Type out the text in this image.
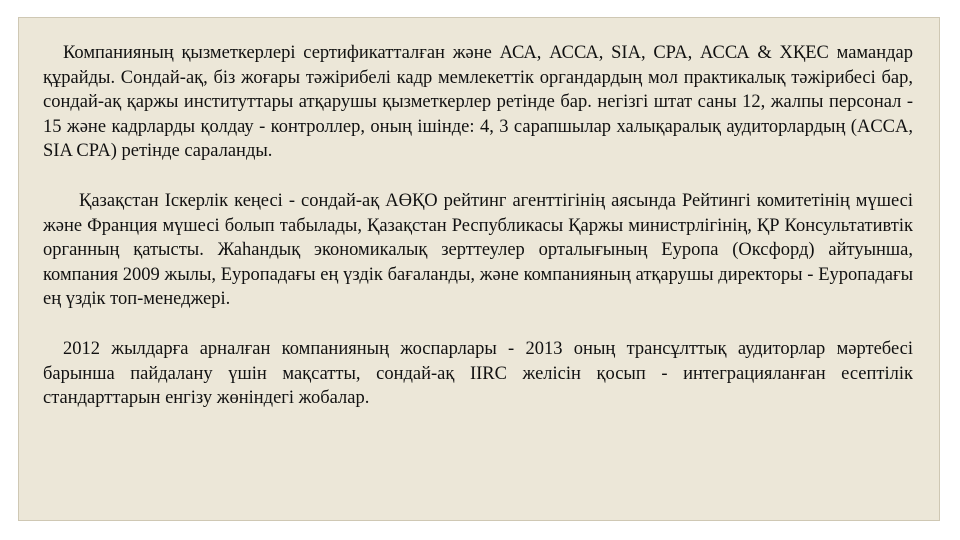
Компанияның қызметкерлері сертификатталған және АСА, АССА, SIA, CPA, АССА & ХҚЕС мамандар құрайды. Сондай-ақ, біз жоғары тәжірибелі кадр мемлекеттік органдардың мол практикалық тәжірибесі бар, сондай-ақ қаржы институттары атқарушы қызметкерлер ретінде бар. негізгі штат саны 12, жалпы персонал - 15 және кадрларды қолдау - контроллер, оның ішінде: 4, 3 сарапшылар халықаралық аудиторлардың (ACCA, SIA CPA) ретінде сараланды.

Қазақстан Іскерлік кеңесі - сондай-ақ АӨҚО рейтинг агенттігінің аясында Рейтингі комитетінің мүшесі және Франция мүшесі болып табылады, Қазақстан Республикасы Қаржы министрлігінің, ҚР Консультативтік органның қатысты. Жаһандық экономикалық зерттеулер орталығының Еуропа (Оксфорд) айтуынша, компания 2009 жылы, Еуропадағы ең үздік бағаланды, және компанияның атқарушы директоры - Еуропадағы ең үздік топ-менеджері.

2012 жылдарға арналған компанияның жоспарлары - 2013 оның трансұлттық аудиторлар мәртебесі барынша пайдалану үшін мақсатты, сондай-ақ IIRC желісін қосып - интеграцияланған есептілік стандарттарын енгізу жөніндегі жобалар.
